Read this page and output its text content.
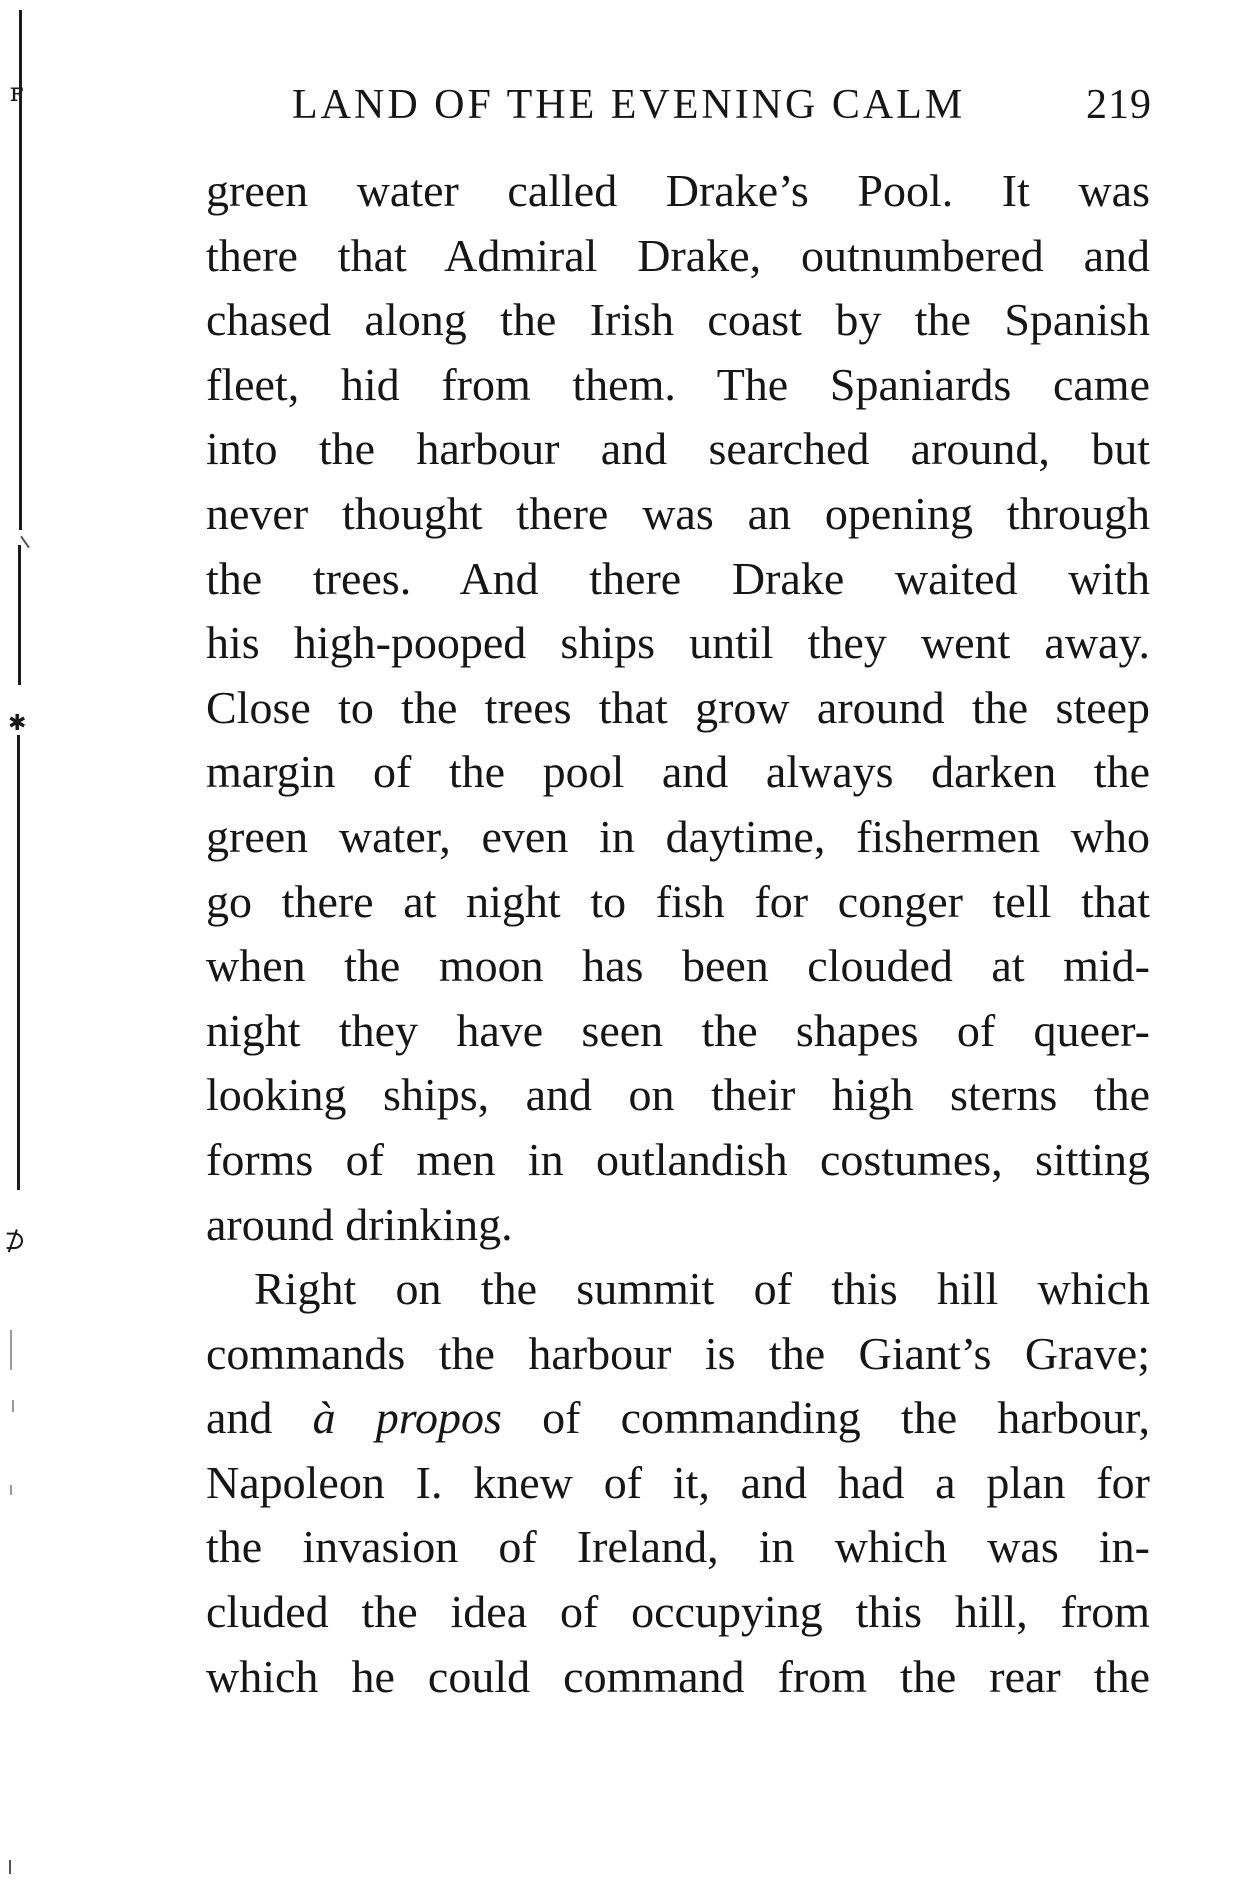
ꜰ
✱
⊅
LAND OF THE EVENING CALM	219
green water called Drake’s Pool. It was
there that Admiral Drake, outnumbered and
chased along the Irish coast by the Spanish
fleet, hid from them. The Spaniards came
into the harbour and searched around, but
never thought there was an opening through
the trees. And there Drake waited with
his high-pooped ships until they went away.
Close to the trees that grow around the steep
margin of the pool and always darken the
green water, even in daytime, fishermen who
go there at night to fish for conger tell that
when the moon has been clouded at mid-
night they have seen the shapes of queer-
looking ships, and on their high sterns the
forms of men in outlandish costumes, sitting
around drinking.
Right on the summit of this hill which
commands the harbour is the Giant’s Grave;
and à propos of commanding the harbour,
Napoleon I. knew of it, and had a plan for
the invasion of Ireland, in which was in-
cluded the idea of occupying this hill, from
which he could command from the rear the
